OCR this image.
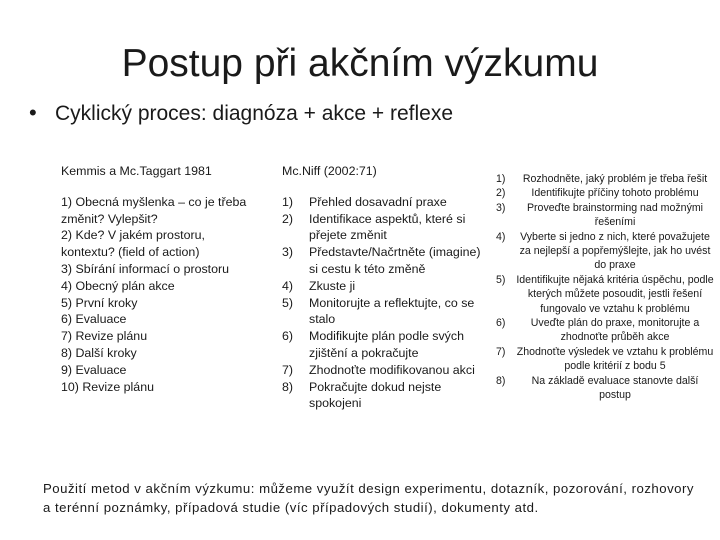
Postup při akčním výzkumu
• Cyklický proces: diagnóza + akce + reflexe
Kemmis a Mc.Taggart 1981
1) Obecná myšlenka – co je třeba
změnit? Vylepšit?
2) Kde? V jakém prostoru,
kontextu? (field of action)
3) Sbírání informací o prostoru
4) Obecný plán akce
5) První kroky
6) Evaluace
7) Revize plánu
8) Další kroky
9) Evaluace
10) Revize plánu
Mc.Niff (2002:71)
1)	Přehled dosavadní praxe
2)	Identifikace aspektů, které si přejete změnit
3)	Představte/Načrtněte (imagine) si cestu k této změně
4)	Zkuste ji
5)	Monitorujte a reflektujte, co se stalo
6)	Modifikujte plán podle svých zjištění a pokračujte
7)	Zhodnoťte modifikovanou akci
8)	Pokračujte dokud nejste spokojeni
1)	Rozhodněte, jaký problém je třeba řešit
2)	Identifikujte příčiny tohoto problému
3)	Proveďte brainstorming nad možnými řešeními
4)	Vyberte si jedno z nich, které považujete za nejlepší a popřemýšlejte, jak ho uvést do praxe
5)	Identifikujte nějaká kritéria úspěchu, podle kterých můžete posoudit, jestli řešení fungovalo ve vztahu k problému
6)	Uveďte plán do praxe, monitorujte a zhodnoťte průběh akce
7)	Zhodnoťte výsledek ve vztahu k problému podle kritérií z bodu 5
8)	Na základě evaluace stanovte další postup
Použití metod v akčním výzkumu: můžeme využít design experimentu, dotazník, pozorování, rozhovory a terénní poznámky, případová studie (víc případových studií), dokumenty atd.
